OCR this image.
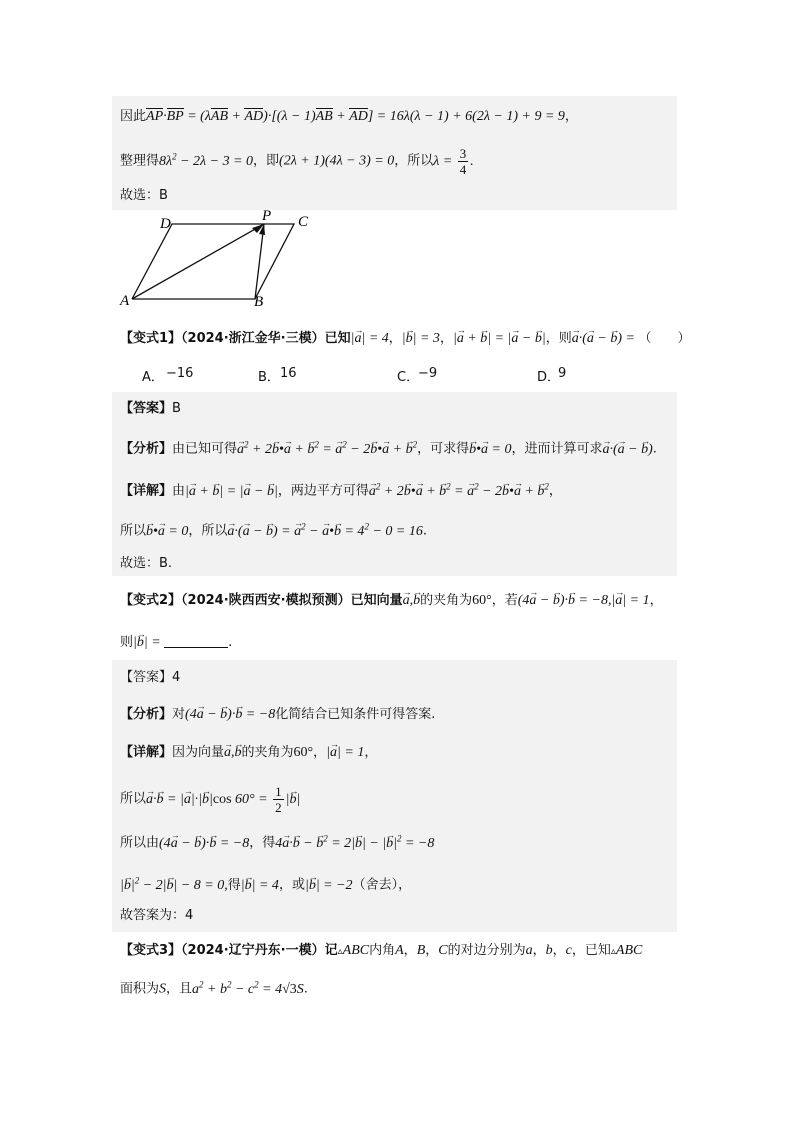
因此AP·BP = (λAB + AD)·[(λ − 1)AB + AD] = 16λ(λ − 1) + 6(2λ − 1) + 9 = 9，
整理得$8\lambda^2 - 2\lambda - 3 = 0$，即(2λ + 1)(4λ − 3) = 0，所以$\lambda = \frac{3}{4}$ .
故选：B
A	B
C
D	P
【变式1】（2024·浙江金华·三模）已知|→ a| = 4，|→ b| = 3，|→ a + → b| = |→ a − → b|，则→ a·(→ a − → b) = （　　）
A． −16	B． 16	C．
−9	D．
9
【答案】B
【分析】由已知可得→ $a^2 + 2\to$ b•→ a + → $b^2$ = → $a^2 - 2\to$ b•→ a + → $b^2$，可求得→ b•→ a = 0，进而计算可求→ a·(→ a − → b).
【详解】由|→ a + → b| = |→ a − → b|，两边平方可得→ $a^2 + 2\to$ b•→ a + → $b^2$ = → $a^2 - 2\to$ b•→ a + → $b^2$，
所以→ b•→ a = 0，所以→ a·(→ a − → b) = → $a^2$ − → a•→ $b = 4^2 - 0 = 16$.
故选：B.
【变式2】（2024·陕西西安·模拟预测）已知向量→ a,→ b的夹角为60°，若(4→ a − → b)·→ b = −8,|→ a| = 1，
则|→ b| =	.
【答案】4
【分析】对(4→ a − → b)·→ b = −8化简结合已知条件可得答案.
【详解】因为向量→ a,→ b的夹角为60°，|→ a| = 1，
所以→ a·→ b = |→ a|·|→ b|cos $60^\circ = \frac{1}{2}$ |→ b|
所以由(4→ a − → b)·→ b = −8，得4→ a·→ b − → $b^2 = 2|\to b|$ − |→ $b|^2 = -8$
|→ $b|^2 - 2|\to b| - 8 = 0$,得|→ b| = 4，或|→ b| = −2（舍去），
故答案为：4
【变式3】（2024·辽宁丹东·一模）记▵ABC内角A，B，C的对边分别为a，b，c，已知▵ABC
面积为S，且$a^2 + b^2 - c^2 = 4√3S$.
